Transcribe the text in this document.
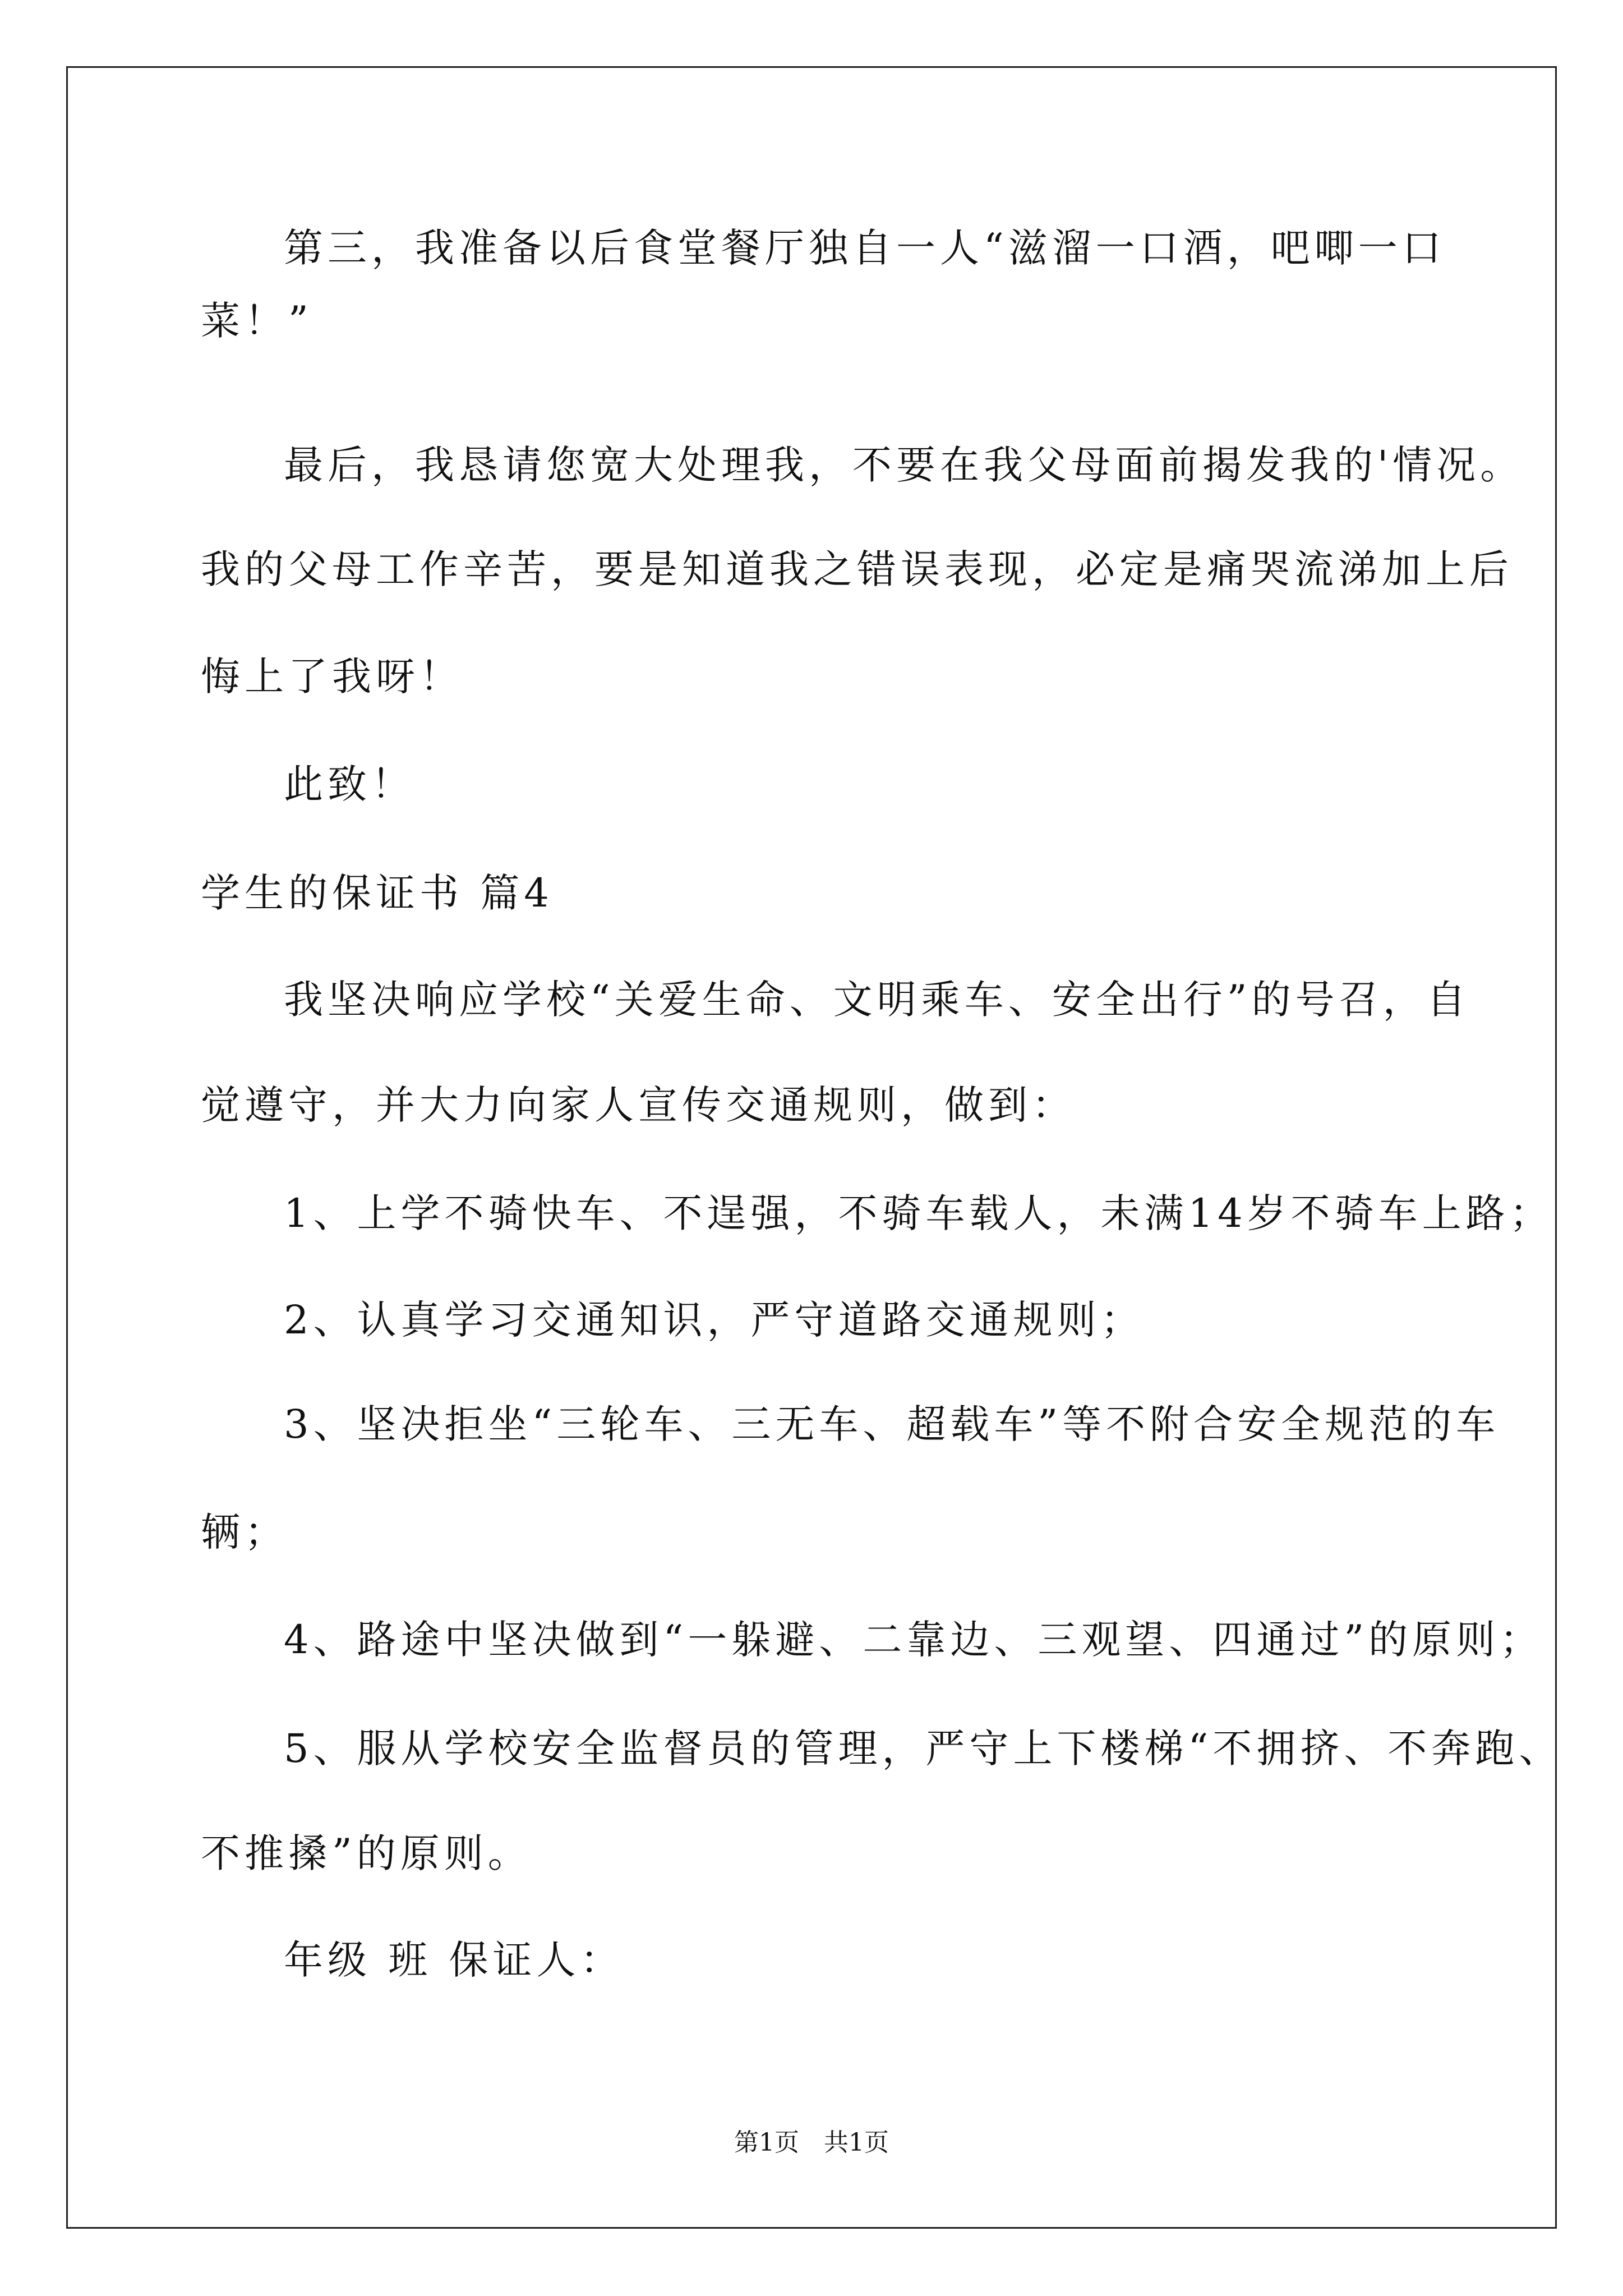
第三，我准备以后食堂餐厅独自一人“滋溜一口酒，吧唧一口
菜！”
最后，我恳请您宽大处理我，不要在我父母面前揭发我的'情况。
我的父母工作辛苦，要是知道我之错误表现，必定是痛哭流涕加上后
悔上了我呀！
此致！
学生的保证书 篇4
我坚决响应学校“关爱生命、文明乘车、安全出行”的号召，自
觉遵守，并大力向家人宣传交通规则，做到：
1、上学不骑快车、不逞强，不骑车载人，未满14岁不骑车上路；
2、认真学习交通知识，严守道路交通规则；
3、坚决拒坐“三轮车、三无车、超载车”等不附合安全规范的车
辆；
4、路途中坚决做到“一躲避、二靠边、三观望、四通过”的原则；
5、服从学校安全监督员的管理，严守上下楼梯“不拥挤、不奔跑、
不推搡”的原则。
年级 班 保证人：
第1页　共1页
